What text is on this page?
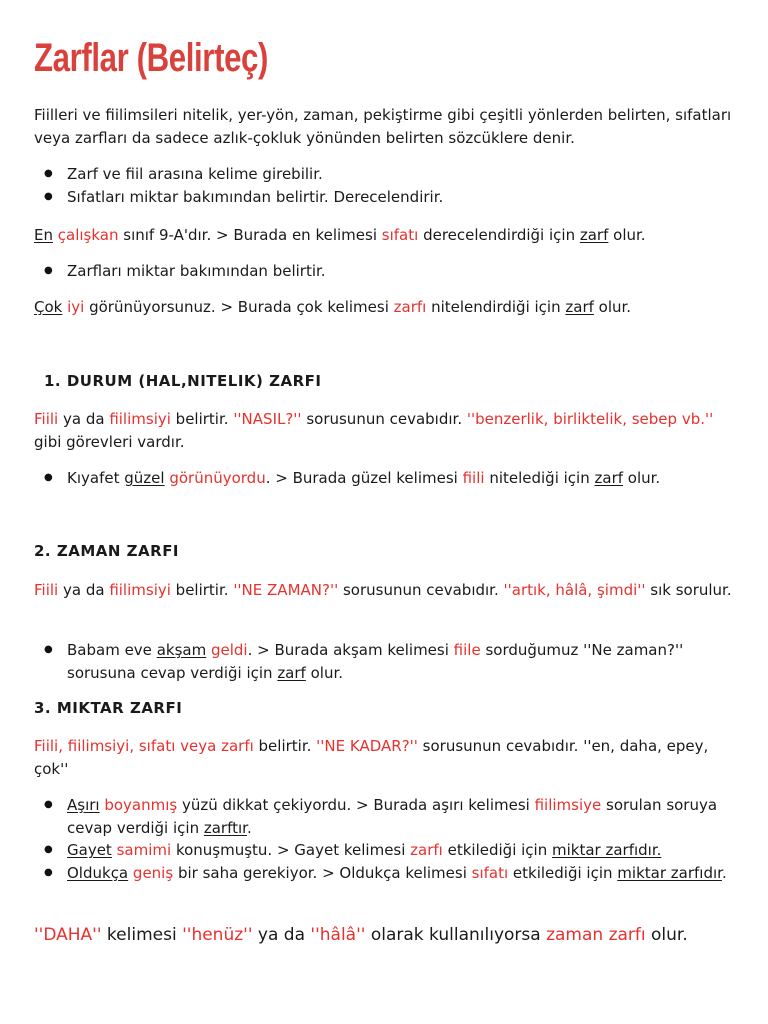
Zarflar (Belirteç)
Fiilleri ve fiilimsileri nitelik, yer-yön, zaman, pekiştirme gibi çeşitli yönlerden belirten, sıfatları veya zarfları da sadece azlık-çokluk yönünden belirten sözcüklere denir.
● Zarf ve fiil arasına kelime girebilir.
● Sıfatları miktar bakımından belirtir. Derecelendirir.
En çalışkan sınıf 9-A'dır. > Burada en kelimesi sıfatı derecelendirdiği için zarf olur.
● Zarfları miktar bakımından belirtir.
Çok iyi görünüyorsunuz. > Burada çok kelimesi zarfı nitelendirdiği için zarf olur.
1. DURUM (HAL,NITELIK) ZARFI
Fiili ya da fiilimsiyi belirtir. ''NASIL?'' sorusunun cevabıdır. ''benzerlik, birliktelik, sebep vb.'' gibi görevleri vardır.
● Kıyafet güzel görünüyordu. > Burada güzel kelimesi fiili nitelediği için zarf olur.
2. ZAMAN ZARFI
Fiili ya da fiilimsiyi belirtir. ''NE ZAMAN?'' sorusunun cevabıdır. ''artık, hâlâ, şimdi'' sık sorulur.
● Babam eve akşam geldi. > Burada akşam kelimesi fiile sorduğumuz ''Ne zaman?'' sorusuna cevap verdiği için zarf olur.
3. MIKTAR ZARFI
Fiili, fiilimsiyi, sıfatı veya zarfı belirtir. ''NE KADAR?'' sorusunun cevabıdır. ''en, daha, epey, çok''
● Aşırı boyanmış yüzü dikkat çekiyordu. > Burada aşırı kelimesi fiilimsiye sorulan soruya cevap verdiği için zarftır.
● Gayet samimi konuşmuştu. > Gayet kelimesi zarfı etkilediği için miktar zarfıdır.
● Oldukça geniş bir saha gerekiyor. > Oldukça kelimesi sıfatı etkilediği için miktar zarfıdır.
''DAHA'' kelimesi ''henüz'' ya da ''hâlâ'' olarak kullanılıyorsa zaman zarfı olur.
